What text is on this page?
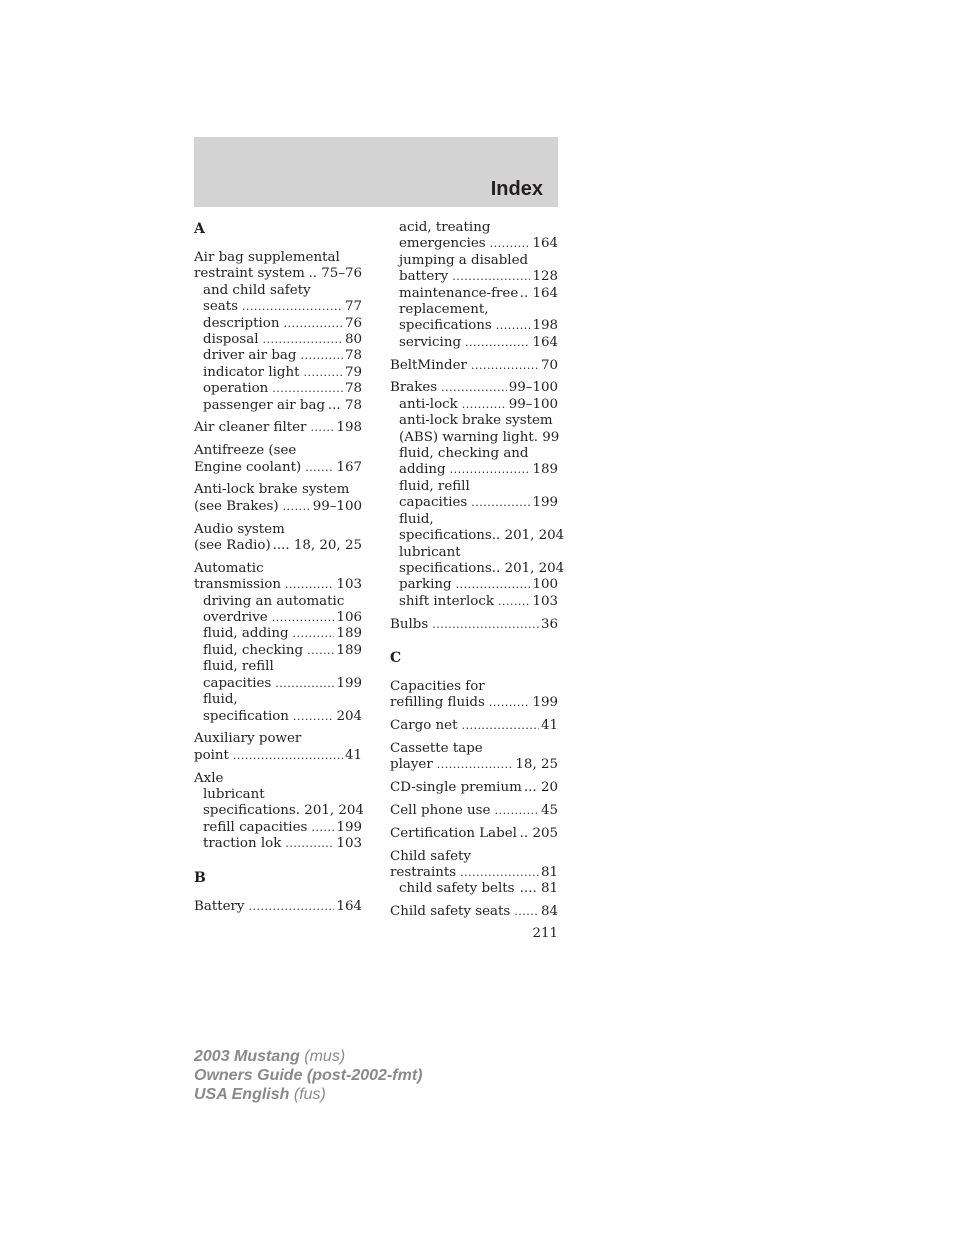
Index
A
Air bag supplemental
restraint system .. 75–76
and child safety
seats .....	77
description .....	76
disposal .....	80
driver air bag .....	78
indicator light .....	79
operation .....	78
passenger air bag ... 78
Air cleaner filter ..... 198
Antifreeze (see
Engine coolant) .....	167
Anti-lock brake system
(see Brakes) .....	99–100
Audio system
(see Radio) .... 18, 20, 25
Automatic
transmission .....	103
driving an automatic
overdrive .....	106
fluid, adding .....	189
fluid, checking ..... 189
fluid, refill
capacities .....	199
fluid,
specification .....	204
Auxiliary power
point .....	41
Axle
lubricant
specifications . 201, 204
refill capacities ..... 199
traction lok .....	103
B
Battery .....	164
acid, treating
emergencies .....	164
jumping a disabled
battery .....	128
maintenance-free .. 164
replacement,
specifications .....	198
servicing .....	164
BeltMinder .....	70
Brakes .....	99–100
anti-lock .....	99–100
anti-lock brake system
(ABS) warning light . 99
fluid, checking and
adding .....	189
fluid, refill
capacities .....	199
fluid,
specifications .. 201, 204
lubricant
specifications .. 201, 204
parking .....	100
shift interlock .....	103
Bulbs .....	36
C
Capacities for
refilling fluids .....	199
Cargo net .....	41
Cassette tape
player .....	18, 25
CD-single premium ... 20
Cell phone use .....	45
Certification Label .. 205
Child safety
restraints .....	81
child safety belts .... 81
Child safety seats ..... 84
211
2003 Mustang (mus)
Owners Guide (post-2002-fmt)
USA English (fus)
